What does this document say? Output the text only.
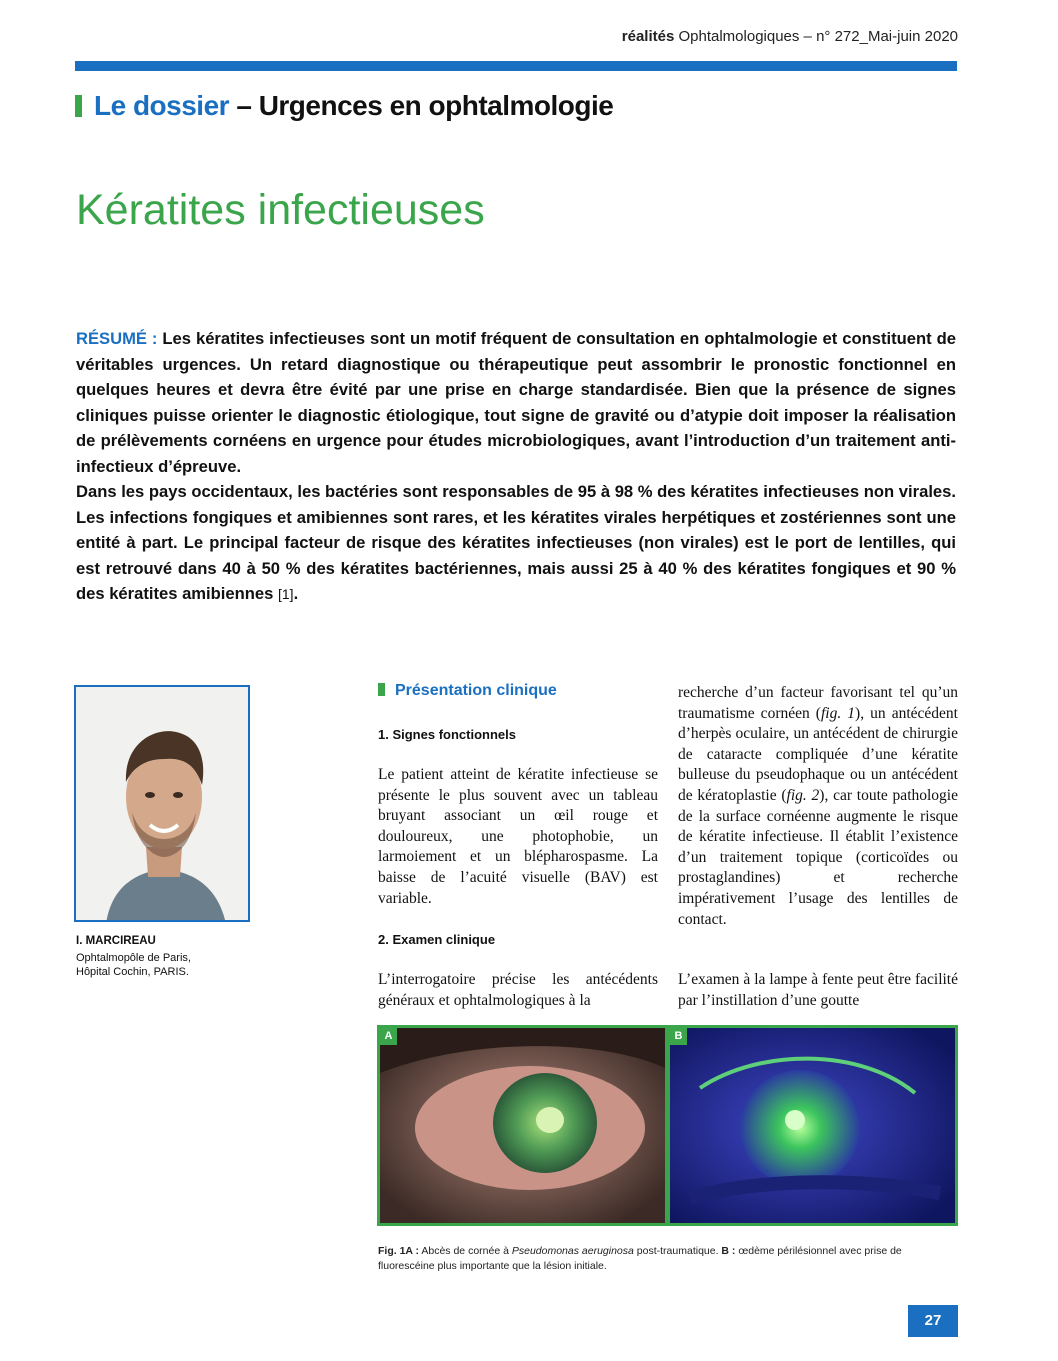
réalités Ophtalmologiques – n° 272_Mai-juin 2020
Le dossier – Urgences en ophtalmologie
Kératites infectieuses

RÉSUMÉ : Les kératites infectieuses sont un motif fréquent de consultation en ophtalmologie et constituent de véritables urgences. Un retard diagnostique ou thérapeutique peut assombrir le pronostic fonctionnel en quelques heures et devra être évité par une prise en charge standardisée. Bien que la présence de signes cliniques puisse orienter le diagnostic étiologique, tout signe de gravité ou d’atypie doit imposer la réalisation de prélèvements cornéens en urgence pour études microbiologiques, avant l’introduction d’un traitement anti-infectieux d’épreuve.

Dans les pays occidentaux, les bactéries sont responsables de 95 à 98 % des kératites infectieuses non virales. Les infections fongiques et amibiennes sont rares, et les kératites virales herpétiques et zostériennes sont une entité à part. Le principal facteur de risque des kératites infectieuses (non virales) est le port de lentilles, qui est retrouvé dans 40 à 50 % des kératites bactériennes, mais aussi 25 à 40 % des kératites fongiques et 90 % des kératites amibiennes [1].

I. MARCIREAU
Ophtalmopôle de Paris,
Hôpital Cochin, PARIS.
Présentation clinique
1. Signes fonctionnels
Le patient atteint de kératite infectieuse se présente le plus souvent avec un tableau bruyant associant un œil rouge et douloureux, une photophobie, un larmoiement et un blépharospasme. La baisse de l’acuité visuelle (BAV) est variable.
2. Examen clinique
L’interrogatoire précise les antécédents généraux et ophtalmologiques à la
recherche d’un facteur favorisant tel qu’un traumatisme cornéen (fig. 1), un antécédent d’herpès oculaire, un antécédent de chirurgie de cataracte compliquée d’une kératite bulleuse du pseudophaque ou un antécédent de kératoplastie (fig. 2), car toute pathologie de la surface cornéenne augmente le risque de kératite infectieuse. Il établit l’existence d’un traitement topique (corticoïdes ou prostaglandines) et recherche impérativement l’usage des lentilles de contact.
L’examen à la lampe à fente peut être facilité par l’instillation d’une goutte
A	B
Fig. 1A : Abcès de cornée à Pseudomonas aeruginosa post-traumatique. B : œdème périlésionnel avec prise de fluorescéine plus importante que la lésion initiale.
27
